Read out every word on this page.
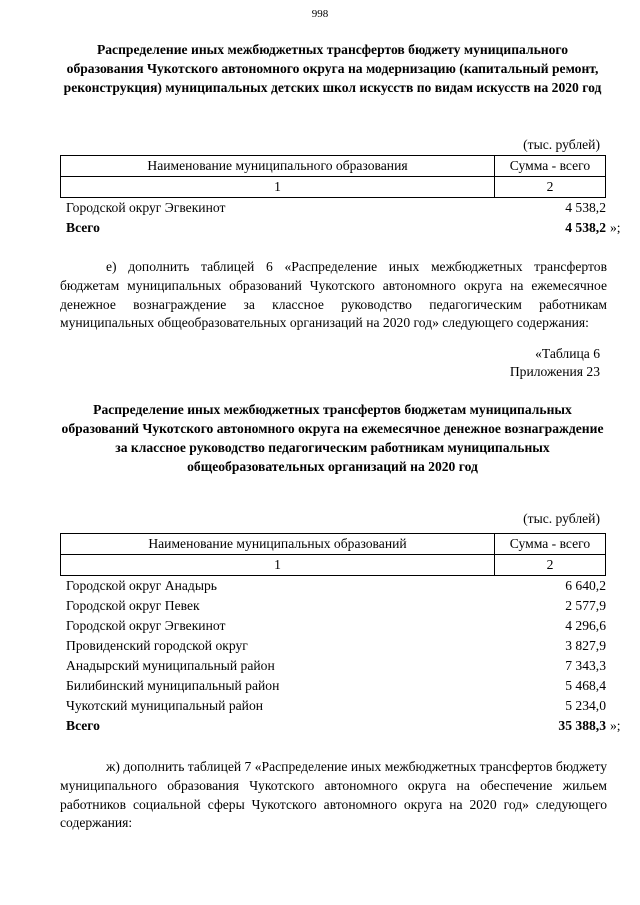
998
Распределение иных межбюджетных трансфертов бюджету муниципального образования Чукотского автономного округа на модернизацию (капитальный ремонт, реконструкция) муниципальных детских школ искусств по видам искусств на 2020 год
(тыс. рублей)
Наименование муниципального образования	Сумма - всего
1	2
Городской округ Эгвекинот	4 538,2
Всего	4 538,2 »;

е) дополнить таблицей 6 «Распределение иных межбюджетных трансфертов бюджетам муниципальных образований Чукотского автономного округа на ежемесячное денежное вознаграждение за классное руководство педагогическим работникам муниципальных общеобразовательных организаций на 2020 год» следующего содержания:

«Таблица 6
Приложения 23
Распределение иных межбюджетных трансфертов бюджетам муниципальных образований Чукотского автономного округа на ежемесячное денежное вознаграждение за классное руководство педагогическим работникам муниципальных общеобразовательных организаций на 2020 год
(тыс. рублей)
Наименование муниципальных образований	Сумма - всего
1	2
Городской округ Анадырь	6 640,2
Городской округ Певек	2 577,9
Городской округ Эгвекинот	4 296,6
Провиденский городской округ	3 827,9
Анадырский муниципальный район	7 343,3
Билибинский муниципальный район	5 468,4
Чукотский муниципальный район	5 234,0
Всего	35 388,3 »;

ж) дополнить таблицей 7 «Распределение иных межбюджетных трансфертов бюджету муниципального образования Чукотского автономного округа на обеспечение жильем работников социальной сферы Чукотского автономного округа на 2020 год» следующего содержания:
